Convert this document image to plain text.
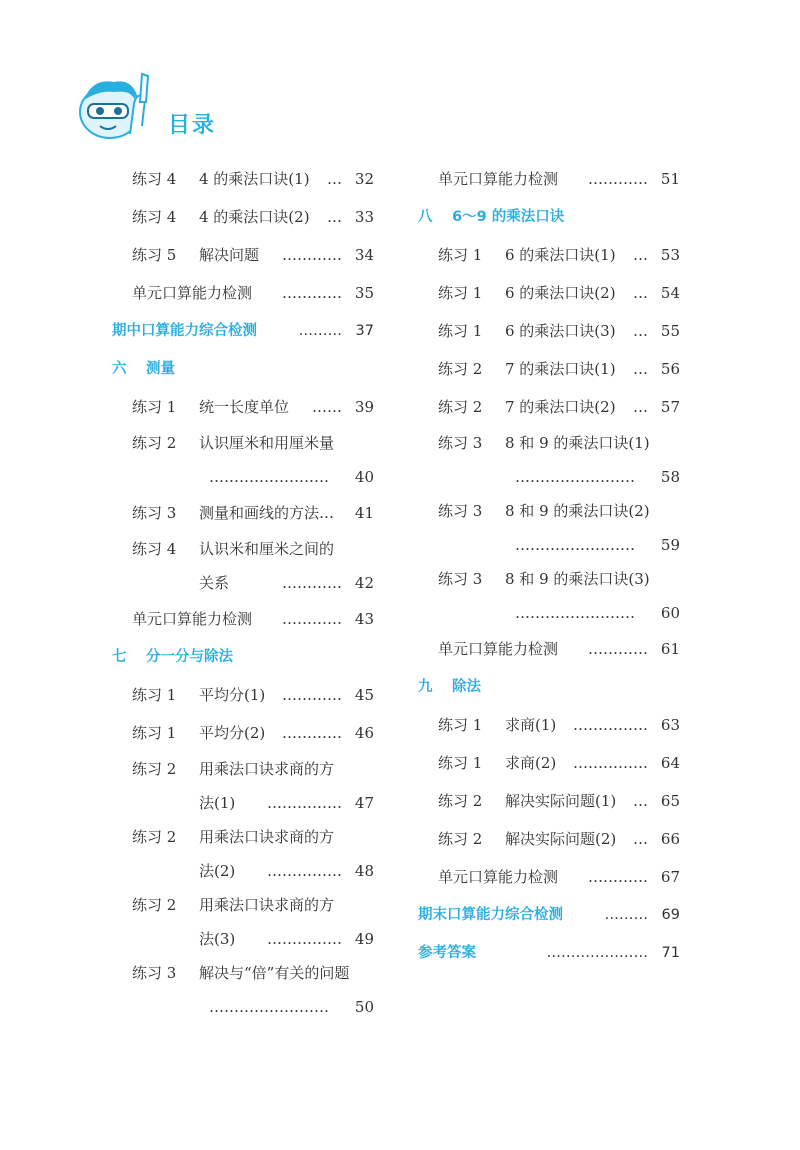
目录
练习 4 4 的乘法口诀(1) … 32
练习 4 4 的乘法口诀(2) … 33
练习 5 解决问题 ………… 34
单元口算能力检测 ………… 35
期中口算能力综合检测	……… 37
六 测量
练习 1 统一长度单位 …… 39
练习 2 认识厘米和用厘米量
……………………	40
练习 3 测量和画线的方法…	41
练习 4 认识米和厘米之间的
关系	………… 42
单元口算能力检测 ………… 43
七 分一分与除法
练习 1 平均分(1) ………… 45
练习 1 平均分(2) ………… 46
练习 2 用乘法口诀求商的方
法(1) …………… 47
练习 2 用乘法口诀求商的方
法(2) …………… 48
练习 2 用乘法口诀求商的方
法(3) …………… 49
练习 3 解决与“倍”有关的问题
……………………	50
单元口算能力检测 ………… 51
八 6～9 的乘法口诀
练习 1 6 的乘法口诀(1) … 53
练习 1 6 的乘法口诀(2) … 54
练习 1 6 的乘法口诀(3) … 55
练习 2 7 的乘法口诀(1) … 56
练习 2 7 的乘法口诀(2) … 57
练习 3 8 和 9 的乘法口诀(1)
……………………	58
练习 3 8 和 9 的乘法口诀(2)
……………………	59
练习 3 8 和 9 的乘法口诀(3)
……………………	60
单元口算能力检测 ………… 61
九 除法
练习 1 求商(1) …………… 63
练习 1 求商(2) …………… 64
练习 2 解决实际问题(1) … 65
练习 2 解决实际问题(2) … 66
单元口算能力检测 ………… 67
期末口算能力综合检测	……… 69
参考答案	………………… 71
